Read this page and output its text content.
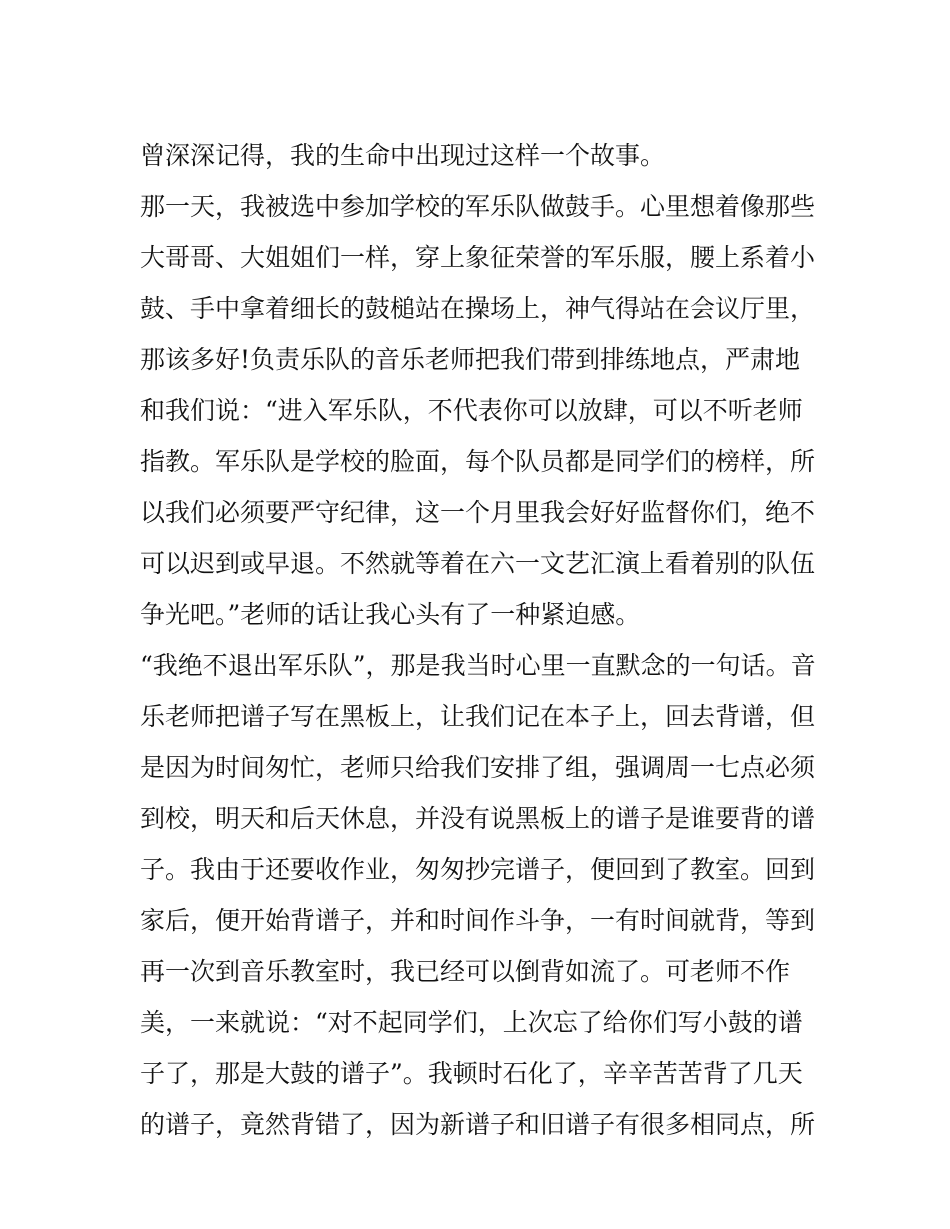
曾深深记得，我的生命中出现过这样一个故事。
那一天，我被选中参加学校的军乐队做鼓手。心里想着像那些
大哥哥、大姐姐们一样，穿上象征荣誉的军乐服，腰上系着小
鼓、手中拿着细长的鼓槌站在操场上，神气得站在会议厅里，
那该多好!负责乐队的音乐老师把我们带到排练地点，严肃地
和我们说：“进入军乐队，不代表你可以放肆，可以不听老师
指教。军乐队是学校的脸面，每个队员都是同学们的榜样，所
以我们必须要严守纪律，这一个月里我会好好监督你们，绝不
可以迟到或早退。不然就等着在六一文艺汇演上看着别的队伍
争光吧。”老师的话让我心头有了一种紧迫感。
“我绝不退出军乐队”，那是我当时心里一直默念的一句话。音
乐老师把谱子写在黑板上，让我们记在本子上，回去背谱，但
是因为时间匆忙，老师只给我们安排了组，强调周一七点必须
到校，明天和后天休息，并没有说黑板上的谱子是谁要背的谱
子。我由于还要收作业，匆匆抄完谱子，便回到了教室。回到
家后，便开始背谱子，并和时间作斗争，一有时间就背，等到
再一次到音乐教室时，我已经可以倒背如流了。可老师不作
美，一来就说：“对不起同学们，上次忘了给你们写小鼓的谱
子了，那是大鼓的谱子”。我顿时石化了，辛辛苦苦背了几天
的谱子，竟然背错了，因为新谱子和旧谱子有很多相同点，所
